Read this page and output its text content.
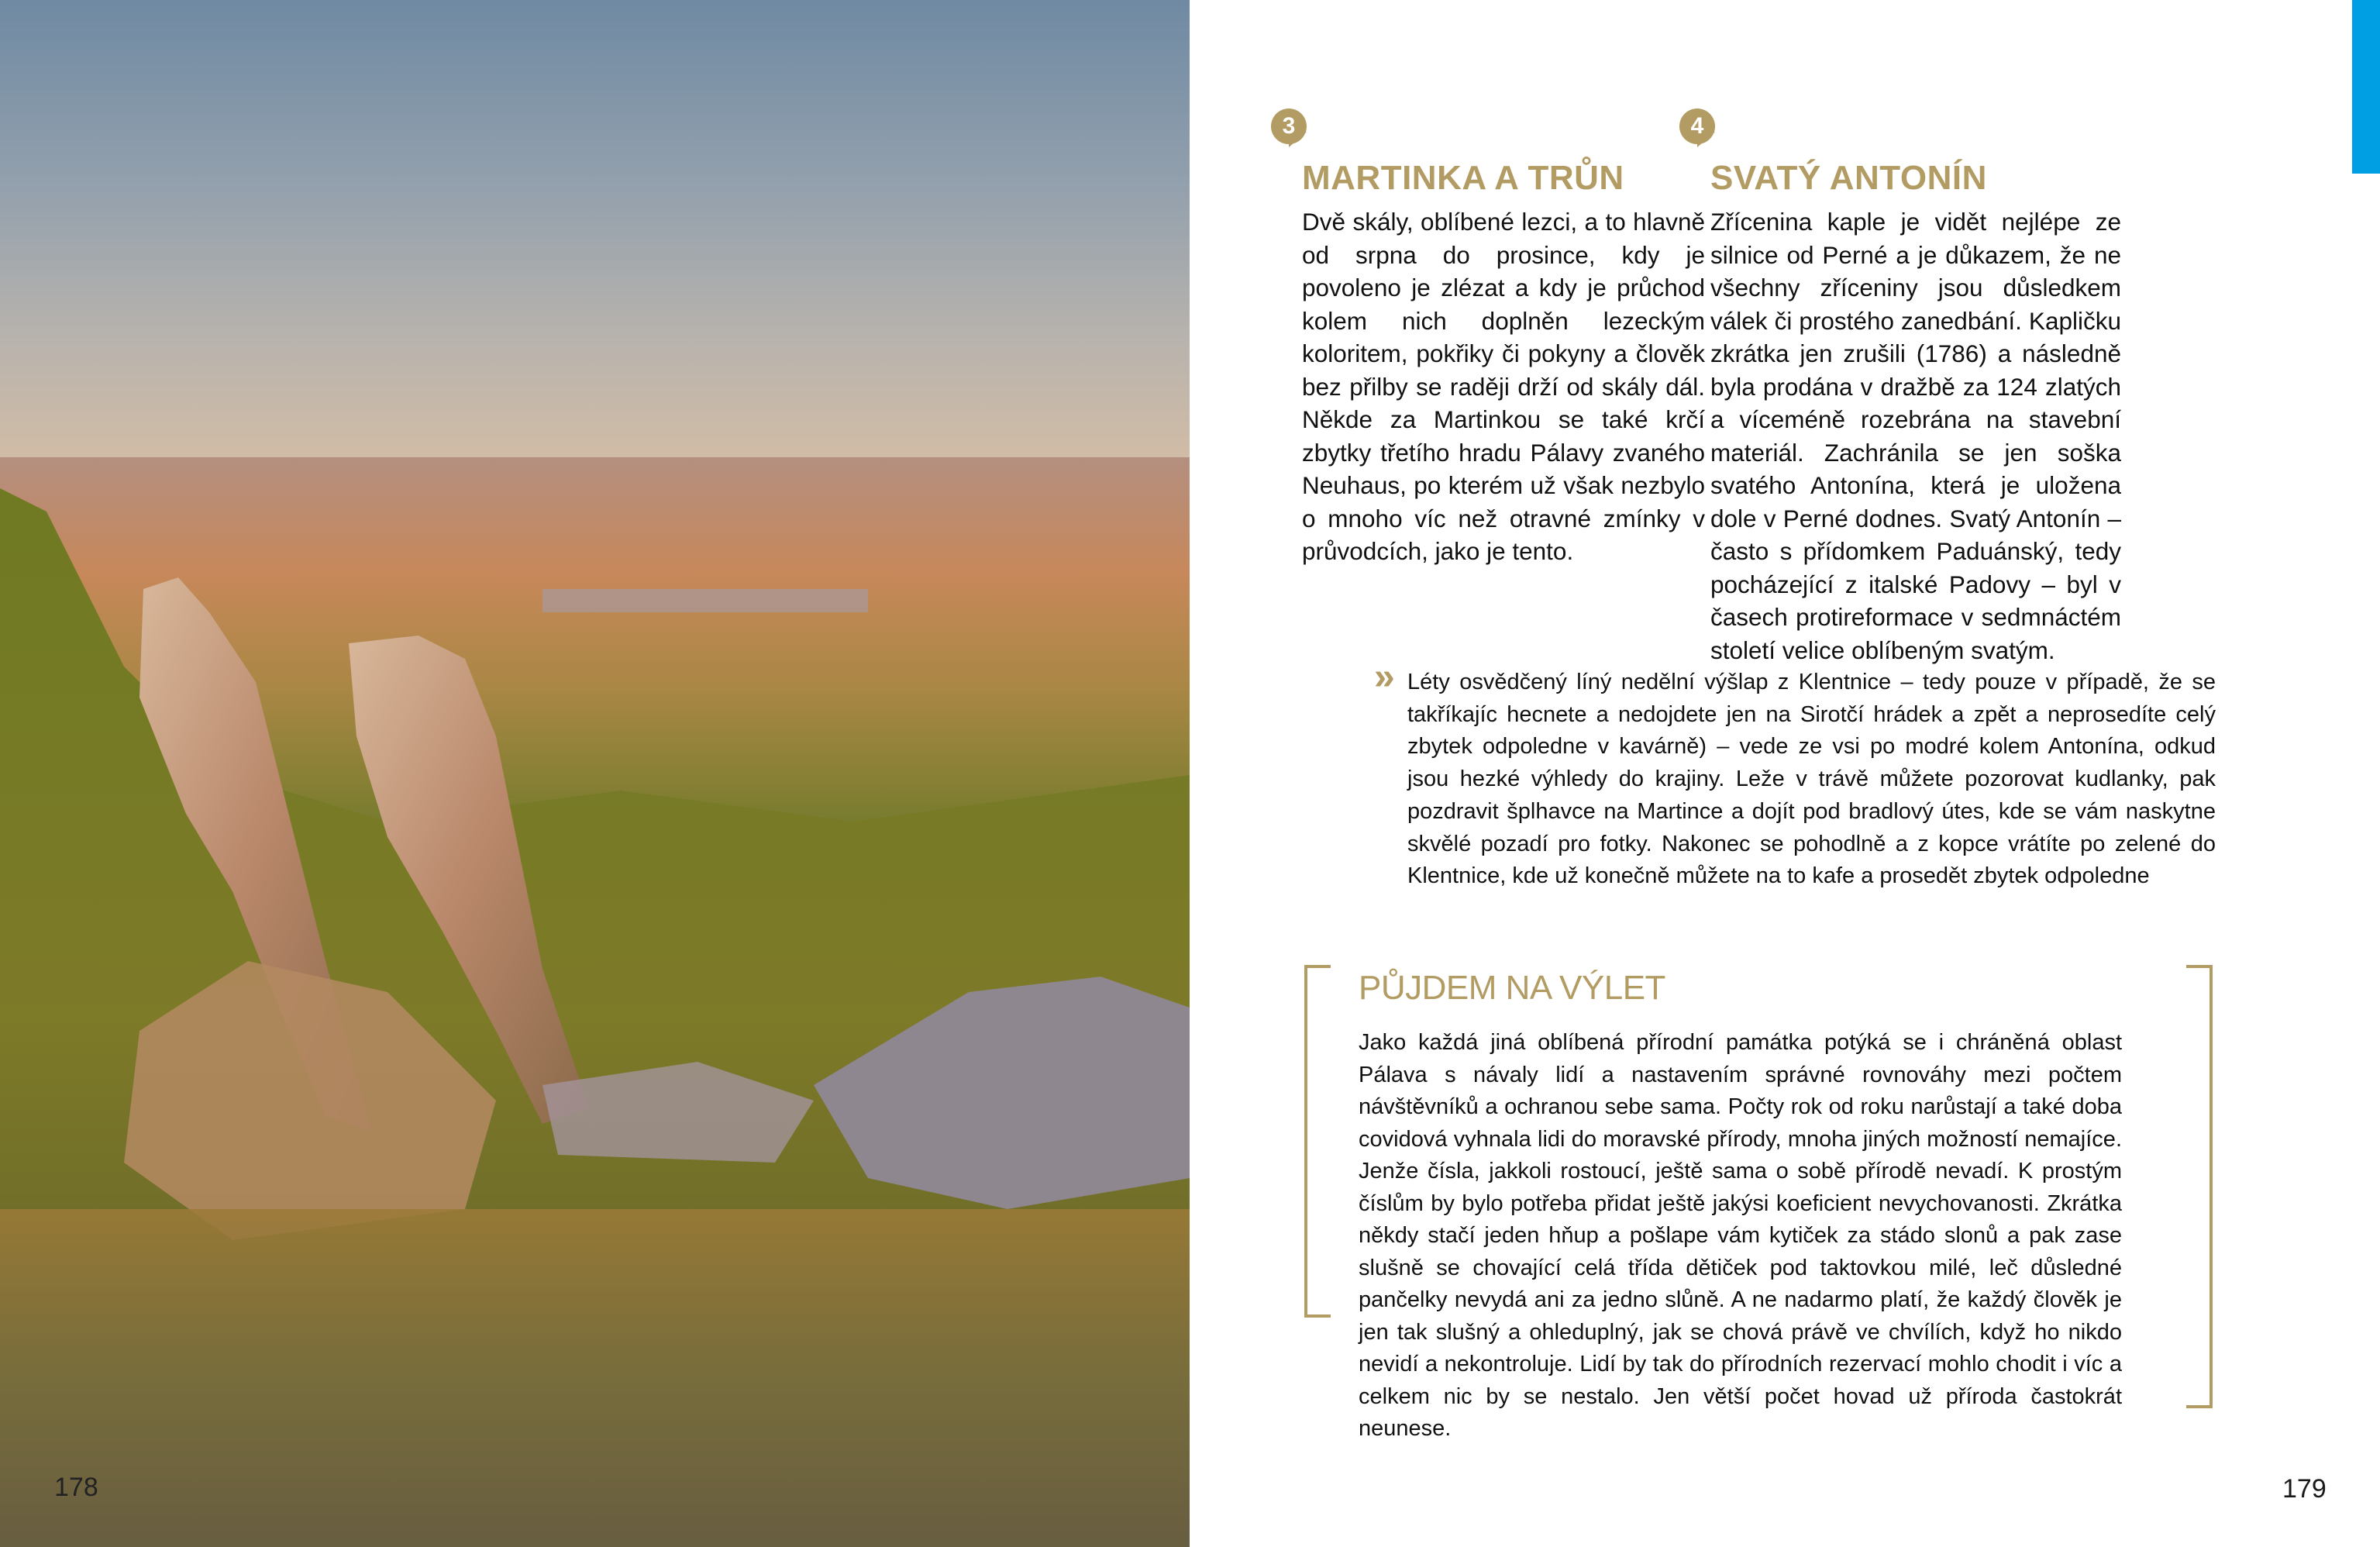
178
3
MARTINKA A TRŮN

Dvě skály, oblíbené lezci, a to hlavně od srpna do prosince, kdy je povoleno je zlézat a kdy je průchod kolem nich doplněn lezeckým koloritem, pokřiky či pokyny a člověk bez přilby se raději drží od skály dál. Někde za Martinkou se také krčí zbytky třetího hradu Pálavy zvaného Neuhaus, po kterém už však nezbylo o mnoho víc než otravné zmínky v průvodcích, jako je tento.

4
SVATÝ ANTONÍN

Zřícenina kaple je vidět nejlépe ze silnice od Perné a je důkazem, že ne všechny zříceniny jsou důsledkem válek či prostého zanedbání. Kapličku zkrátka jen zrušili (1786) a následně byla prodána v dražbě za 124 zlatých a víceméně rozebrána na stavební materiál. Zachránila se jen soška svatého Antonína, která je uložena dole v Perné dodnes. Svatý Antonín – často s přídomkem Paduánský, tedy pocházející z italské Padovy – byl v časech protireformace v sedmnáctém století velice oblíbeným svatým.

» Léty osvědčený líný nedělní výšlap z Klentnice – tedy pouze v případě, že se takříkajíc hecnete a nedojdete jen na Sirotčí hrádek a zpět a neprosedíte celý zbytek odpoledne v kavárně) – vede ze vsi po modré kolem Antonína, odkud jsou hezké výhledy do krajiny. Leže v trávě můžete pozorovat kudlanky, pak pozdravit šplhavce na Martince a dojít pod bradlový útes, kde se vám naskytne skvělé pozadí pro fotky. Nakonec se pohodlně a z kopce vrátíte po zelené do Klentnice, kde už konečně můžete na to kafe a prosedět zbytek odpoledne

PŮJDEM NA VÝLET

Jako každá jiná oblíbená přírodní památka potýká se i chráněná oblast Pálava s návaly lidí a nastavením správné rovnováhy mezi počtem návštěvníků a ochranou sebe sama. Počty rok od roku narůstají a také doba covidová vyhnala lidi do moravské přírody, mnoha jiných možností nemajíce. Jenže čísla, jakkoli rostoucí, ještě sama o sobě přírodě nevadí. K prostým číslům by bylo potřeba přidat ještě jakýsi koeficient nevychovanosti. Zkrátka někdy stačí jeden hňup a pošlape vám kytiček za stádo slonů a pak zase slušně se chovající celá třída dětiček pod taktovkou milé, leč důsledné pančelky nevydá ani za jedno slůně. A ne nadarmo platí, že každý člověk je jen tak slušný a ohleduplný, jak se chová právě ve chvílích, když ho nikdo nevidí a nekontroluje. Lidí by tak do přírodních rezervací mohlo chodit i víc a celkem nic by se nestalo. Jen větší počet hovad už příroda častokrát neunese.

179
